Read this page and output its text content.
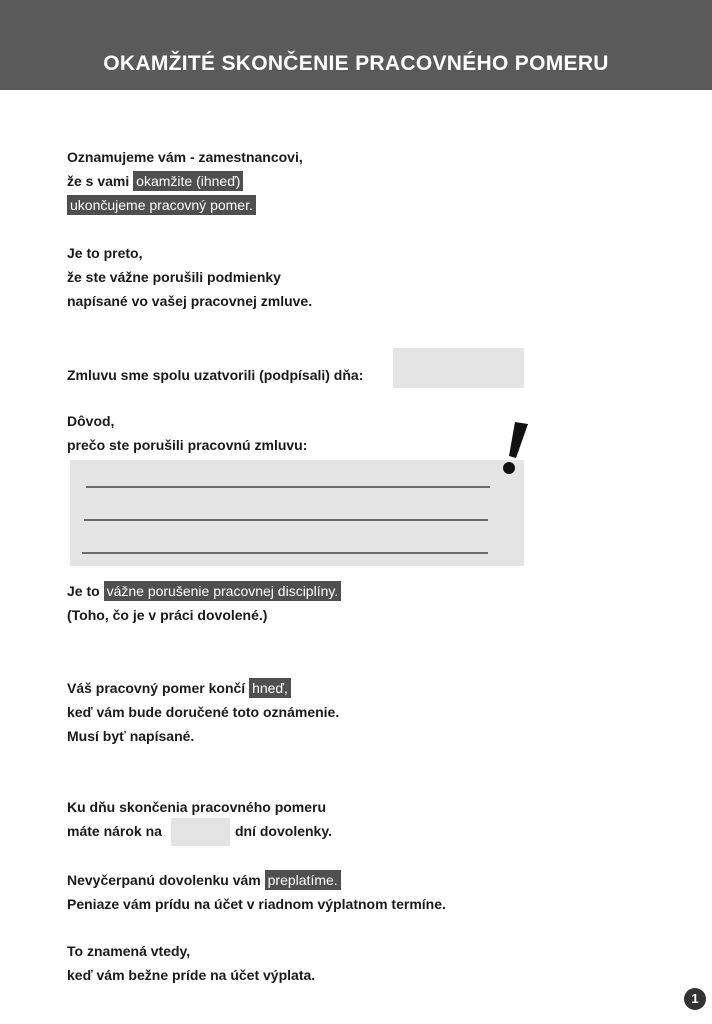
OKAMŽITÉ SKONČENIE PRACOVNÉHO POMERU
Oznamujeme vám - zamestnancovi,
že s vami okamžite (ihneď)
ukončujeme pracovný pomer.
Je to preto,
že ste vážne porušili podmienky
napísané vo vašej pracovnej zmluve.
Zmluvu sme spolu uzatvorili (podpísali) dňa:
Dôvod,
prečo ste porušili pracovnú zmluvu:
Je to vážne porušenie pracovnej disciplíny.
(Toho, čo je v práci dovolené.)
Váš pracovný pomer končí hneď,
keď vám bude doručené toto oznámenie.
Musí byť napísané.
Ku dňu skončenia pracovného pomeru
máte nárok na	dní dovolenky.
Nevyčerpanú dovolenku vám preplatíme.
Peniaze vám prídu na účet v riadnom výplatnom termíne.
To znamená vtedy,
keď vám bežne príde na účet výplata.
1
